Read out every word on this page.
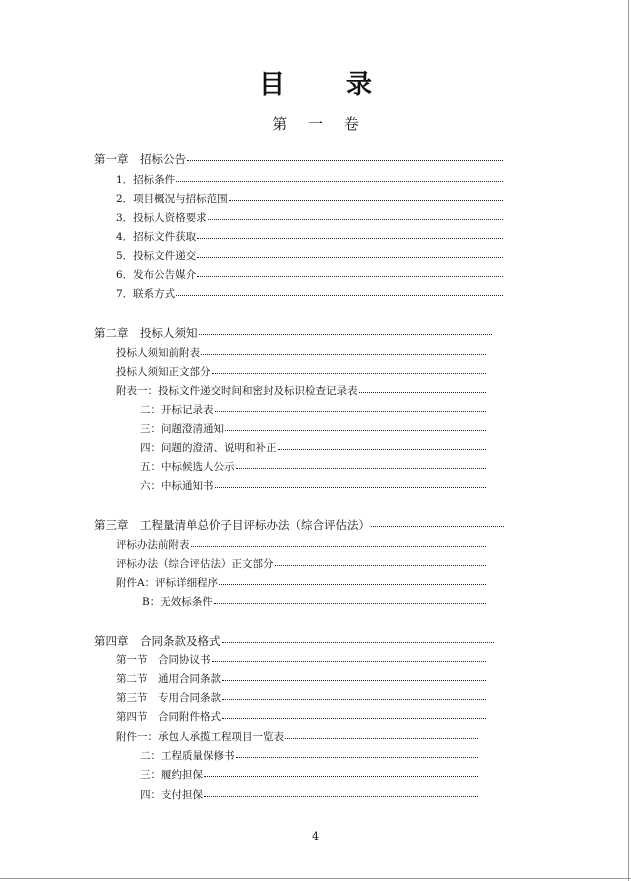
目 录
第 一 卷
第一章　招标公告
1．招标条件
2．项目概况与招标范围
3．投标人资格要求
4．招标文件获取
5．投标文件递交
6．发布公告媒介
7．联系方式
第二章　投标人须知
投标人须知前附表
投标人须知正文部分
附表一：投标文件递交时间和密封及标识检查记录表
二：开标记录表
三：问题澄清通知
四：问题的澄清、说明和补正
五：中标候选人公示
六：中标通知书
第三章　工程量清单总价子目评标办法（综合评估法）
评标办法前附表
评标办法（综合评估法）正文部分
附件A：评标详细程序
B：无效标条件
第四章　合同条款及格式
第一节　合同协议书
第二节　通用合同条款
第三节　专用合同条款
第四节　合同附件格式
附件一：承包人承揽工程项目一览表
二：工程质量保修书
三：履约担保
四：支付担保
4
